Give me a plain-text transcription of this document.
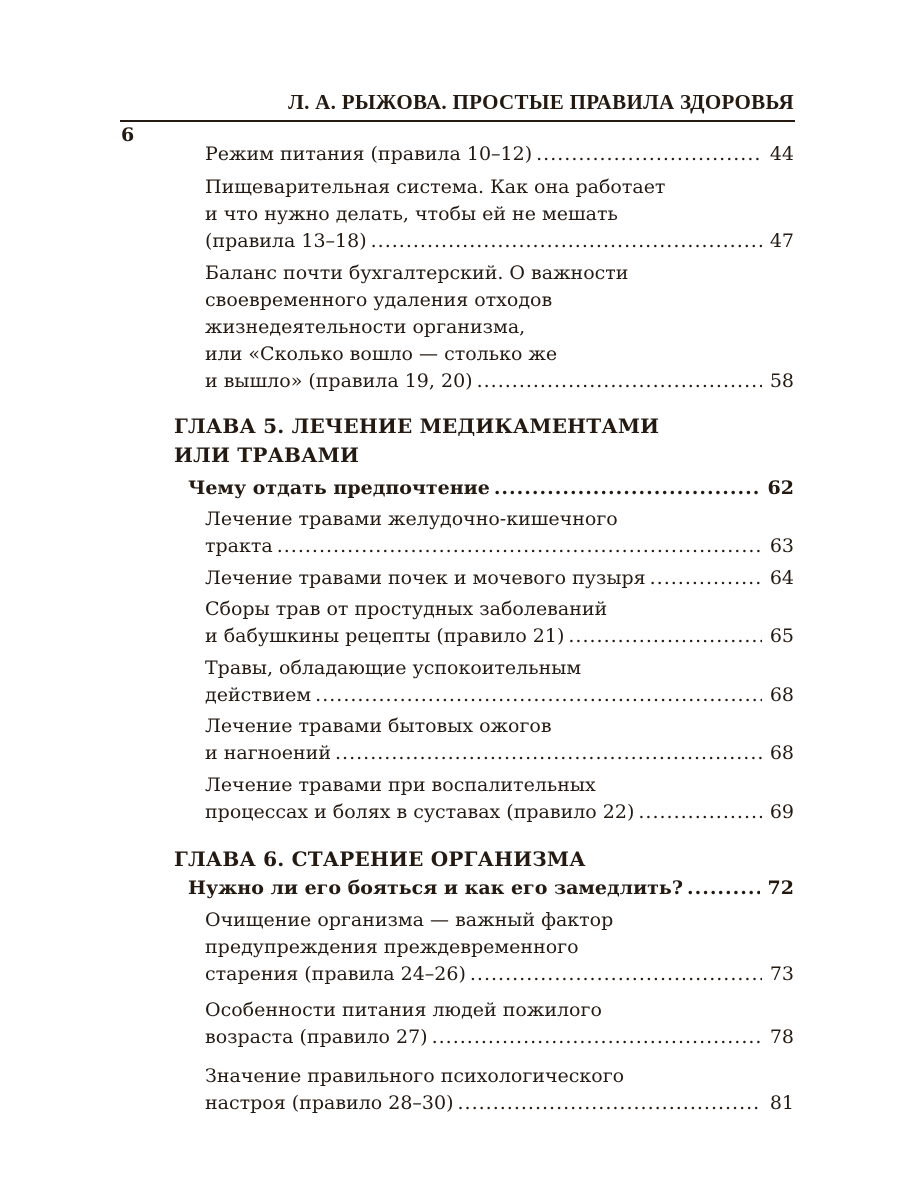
Л. А. РЫЖОВА. ПРОСТЫЕ ПРАВИЛА ЗДОРОВЬЯ
6
Режим питания (правила 10–12) .....	44
Пищеварительная система. Как она работает
и что нужно делать, чтобы ей не мешать
(правила 13–18) .....	47
Баланс почти бухгалтерский. О важности
своевременного удаления отходов
жизнедеятельности организма,
или «Сколько вошло — столько же
и вышло» (правила 19, 20) .....	58
ГЛАВА 5. ЛЕЧЕНИЕ МЕДИКАМЕНТАМИ
ИЛИ ТРАВАМИ
Чему отдать предпочтение .....	62
Лечение травами желудочно-кишечного
тракта .....	63
Лечение травами почек и мочевого пузыря .....	64
Сборы трав от простудных заболеваний
и бабушкины рецепты (правило 21) .....	65
Травы, обладающие успокоительным
действием .....	68
Лечение травами бытовых ожогов
и нагноений .....	68
Лечение травами при воспалительных
процессах и болях в суставах (правило 22) .....	69
ГЛАВА 6. СТАРЕНИЕ ОРГАНИЗМА
Нужно ли его бояться и как его замедлить? .....	72
Очищение организма — важный фактор
предупреждения преждевременного
старения (правила 24–26) .....	73
Особенности питания людей пожилого
возраста (правило 27) .....	78
Значение правильного психологического
настроя (правило 28–30) .....	81
